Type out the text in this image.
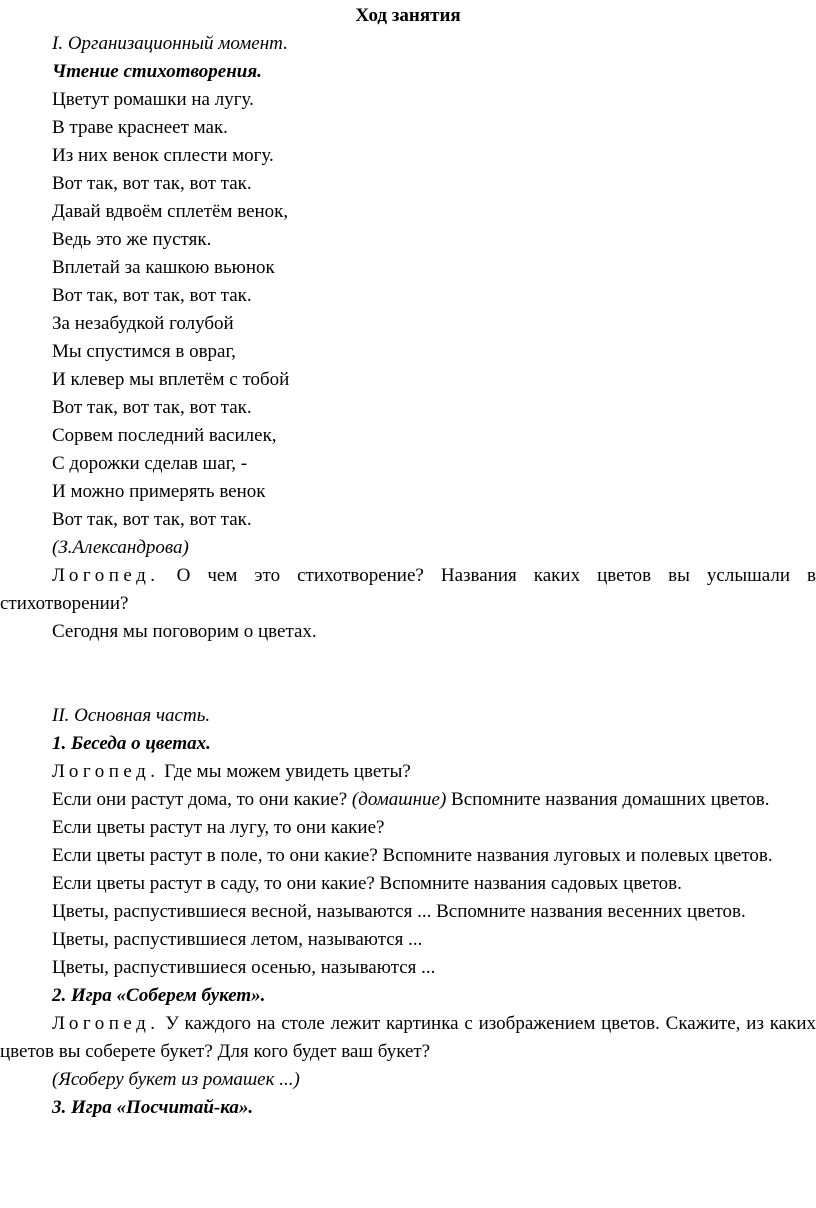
Ход занятия
I. Организационный момент.
Чтение стихотворения.
Цветут ромашки на лугу.
В траве краснеет мак.
Из них венок сплести могу.
Вот так, вот так, вот так.
Давай вдвоём сплетём венок,
Ведь это же пустяк.
Вплетай за кашкою вьюнок
Вот так, вот так, вот так.
За незабудкой голубой
Мы спустимся в овраг,
И клевер мы вплетём с тобой
Вот так, вот так, вот так.
Сорвем последний василек,
С дорожки сделав шаг, -
И можно примерять венок
Вот так, вот так, вот так.
(З.Александрова)
Логопед. О чем это стихотворение? Названия каких цветов вы услышали в стихотворении?
Сегодня мы поговорим о цветах.
II. Основная часть.
1. Беседа о цветах.
Логопед. Где мы можем увидеть цветы?
Если они растут дома, то они какие? (домашние) Вспомните названия домашних цветов.
Если цветы растут на лугу, то они какие?
Если цветы растут в поле, то они какие? Вспомните названия луговых и полевых цветов.
Если цветы растут в саду, то они какие? Вспомните названия садовых цветов.
Цветы, распустившиеся весной, называются ... Вспомните названия весенних цветов.
Цветы, распустившиеся летом, называются ...
Цветы, распустившиеся осенью, называются ...
2. Игра «Соберем букет».
Логопед. У каждого на столе лежит картинка с изображением цветов. Скажите, из каких цветов вы соберете букет? Для кого будет ваш букет?
(Ясоберу букет из ромашек ...)
3. Игра «Посчитай-ка».
